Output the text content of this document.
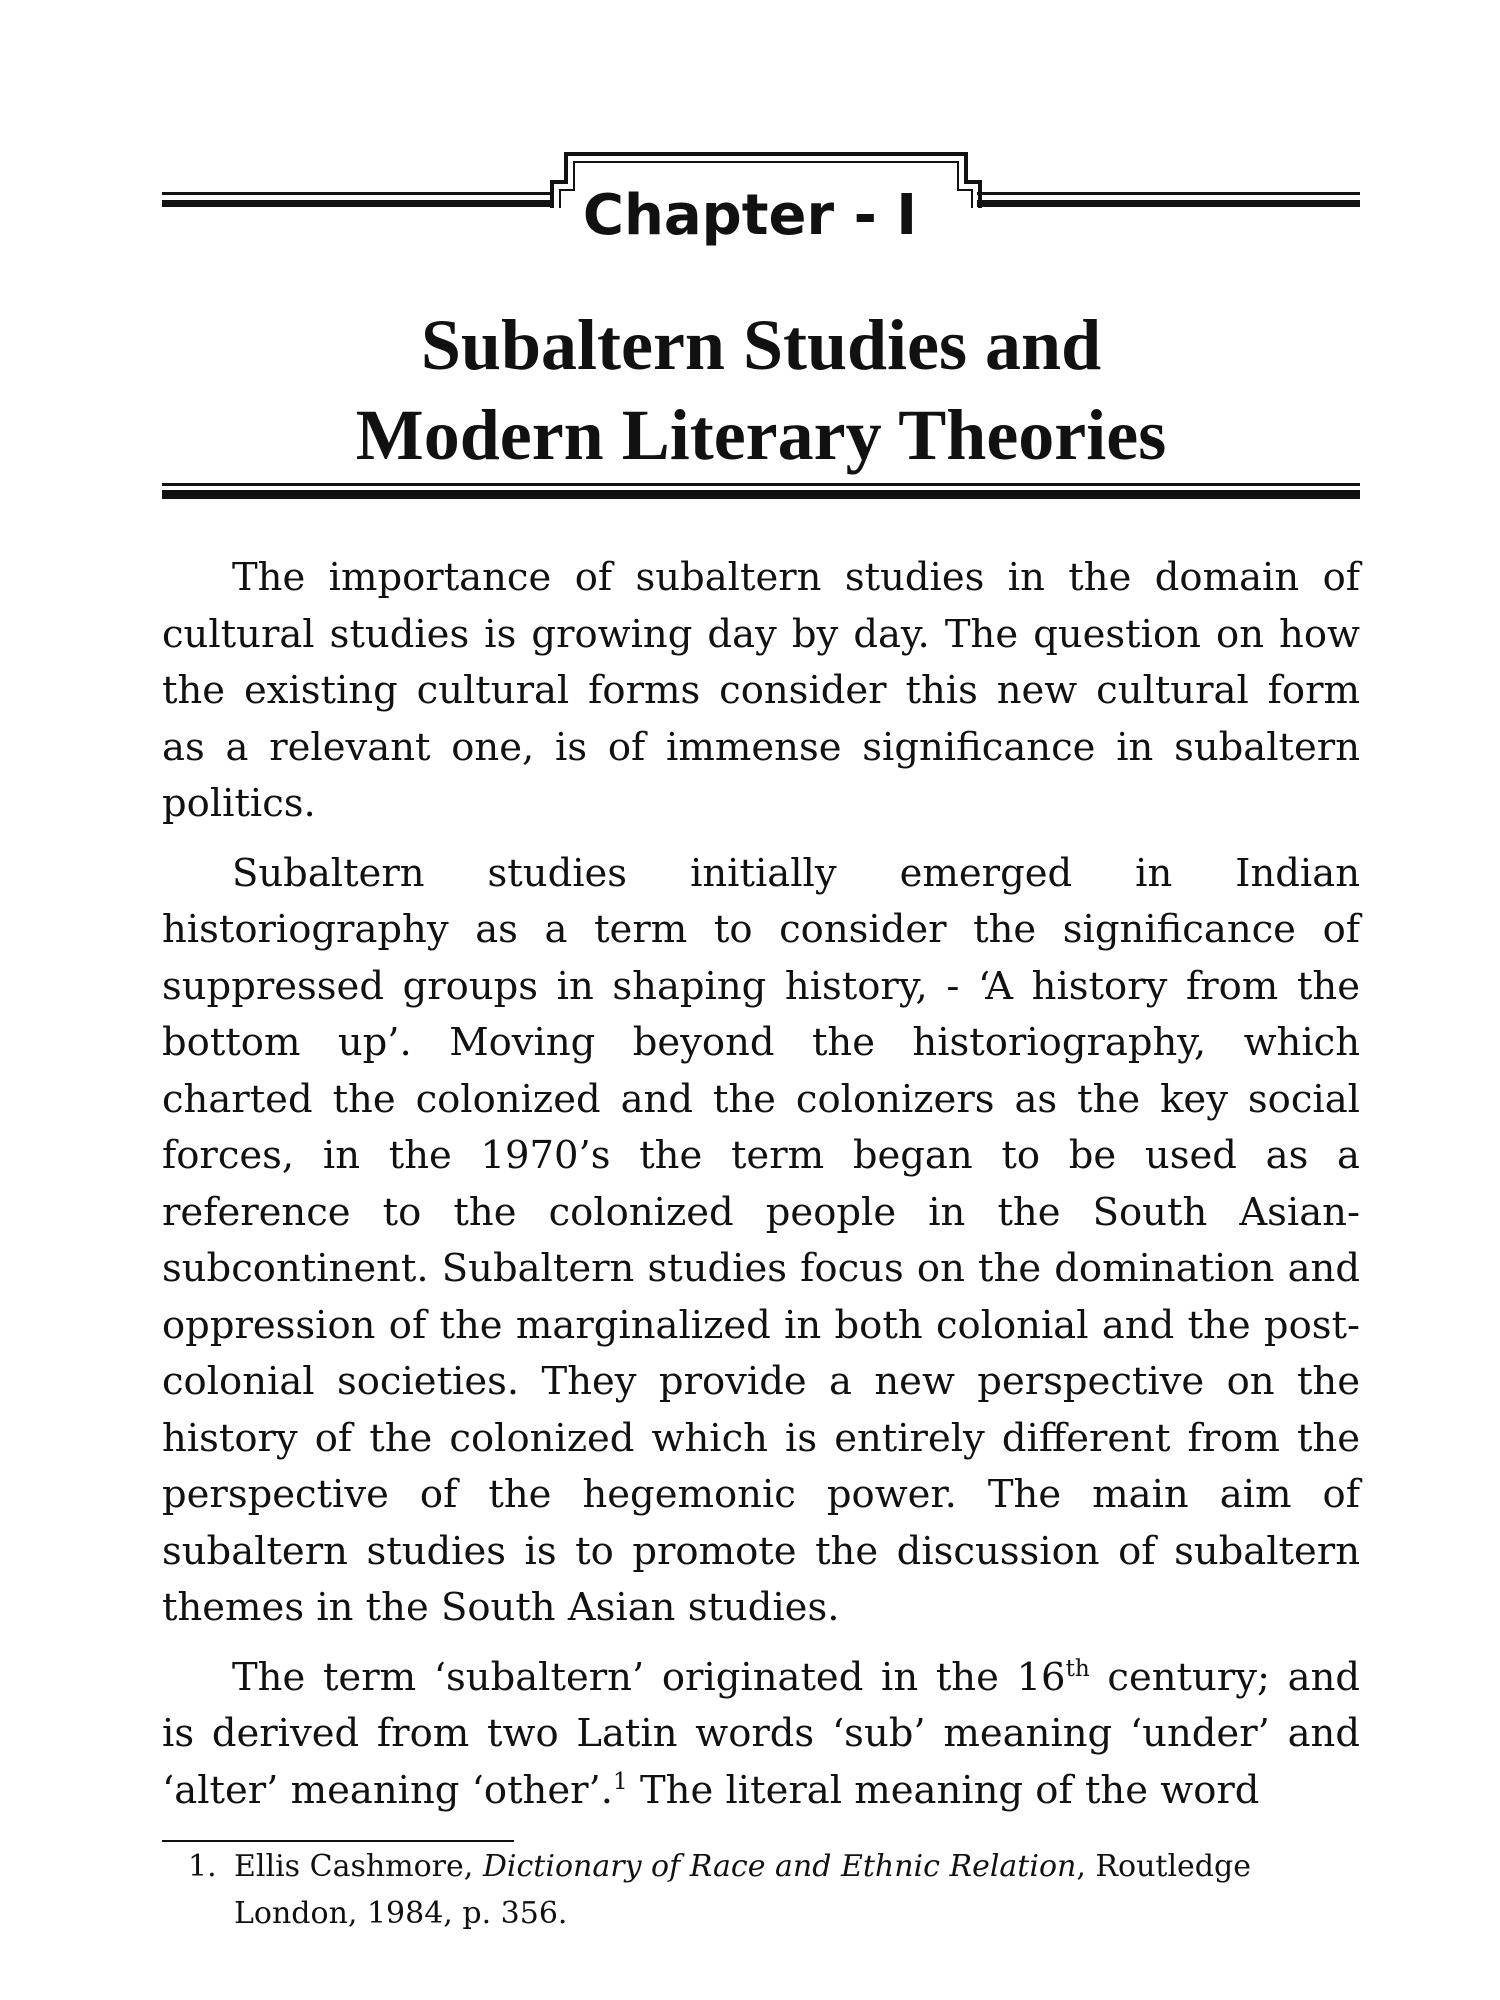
Chapter - I
Subaltern Studies and
Modern Literary Theories

The importance of subaltern studies in the domain of cultural studies is growing day by day. The question on how the existing cultural forms consider this new cultural form as a relevant one, is of immense significance in subaltern politics.

Subaltern studies initially emerged in Indian historiography as a term to consider the significance of suppressed groups in shaping history, - ‘A history from the bottom up’. Moving beyond the historiography, which charted the colonized and the colonizers as the key social forces, in the 1970’s the term began to be used as a reference to the colonized people in the South Asian-subcontinent. Subaltern studies focus on the domination and oppression of the marginalized in both colonial and the post-colonial societies. They provide a new perspective on the history of the colonized which is entirely different from the perspective of the hegemonic power. The main aim of subaltern studies is to promote the discussion of subaltern themes in the South Asian studies.

The term ‘subaltern’ originated in the 16th century; and is derived from two Latin words ‘sub’ meaning ‘under’ and ‘alter’ meaning ‘other’.$^1$ The literal meaning of the word

1. Ellis Cashmore, Dictionary of Race and Ethnic Relation, Routledge
London, 1984, p. 356.
